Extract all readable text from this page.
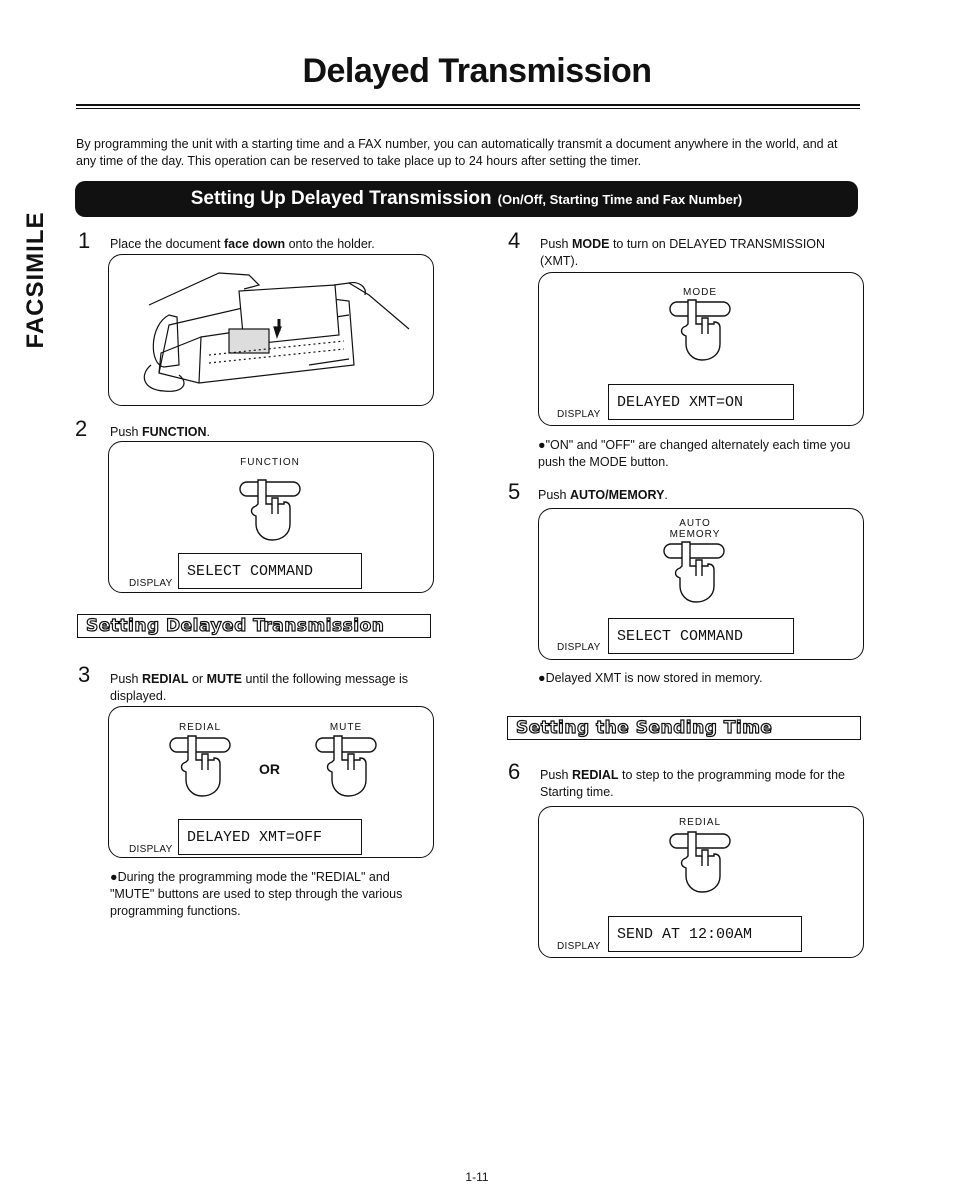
Delayed Transmission
By programming the unit with a starting time and a FAX number, you can automatically transmit a document anywhere in the world, and at any time of the day. This operation can be reserved to take place up to 24 hours after setting the timer.
FACSIMILE
Setting Up Delayed Transmission (On/Off, Starting Time and Fax Number)
1 Place the document face down onto the holder.
2 Push FUNCTION.
FUNCTION
DISPLAY
SELECT COMMAND
Setting Delayed Transmission
3 Push REDIAL or MUTE until the following message is displayed.
REDIAL	MUTE
OR
DISPLAY
DELAYED XMT=OFF
●During the programming mode the "REDIAL" and "MUTE" buttons are used to step through the various programming functions.
4 Push MODE to turn on DELAYED TRANSMISSION (XMT).
MODE
DISPLAY
DELAYED XMT=ON
●"ON" and "OFF" are changed alternately each time you push the MODE button.
5 Push AUTO/MEMORY.
AUTO
MEMORY
DISPLAY
SELECT COMMAND
●Delayed XMT is now stored in memory.
Setting the Sending Time
6 Push REDIAL to step to the programming mode for the Starting time.
REDIAL
DISPLAY
SEND AT 12:00AM
1-11
